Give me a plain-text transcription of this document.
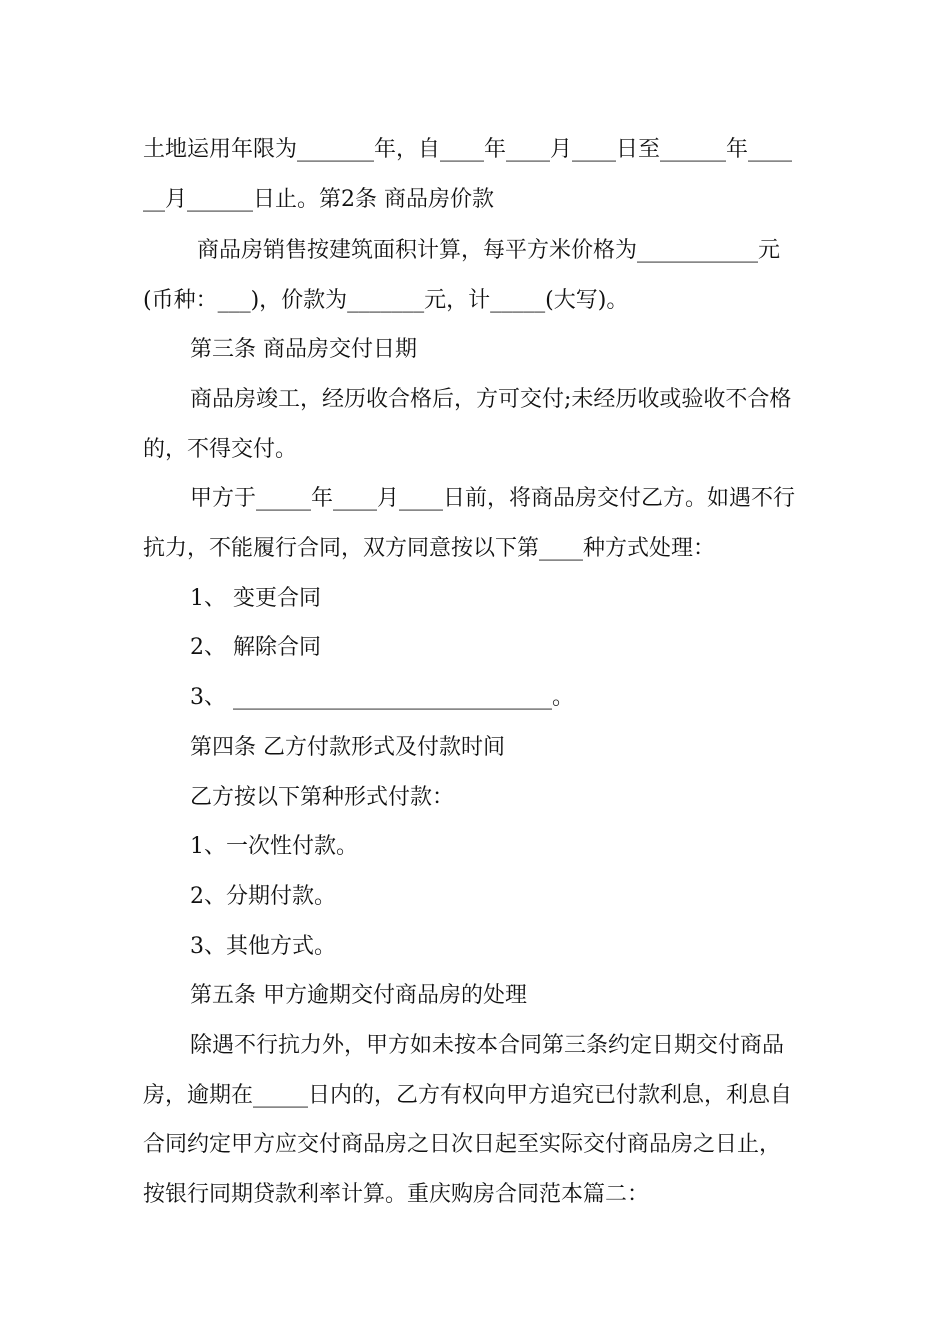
土地运用年限为_______年，自____年____月____日至______年____
__月______日止。第2条 商品房价款
商品房销售按建筑面积计算，每平方米价格为___________元
(币种：___)，价款为_______元，计_____(大写)。
第三条 商品房交付日期
商品房竣工，经历收合格后，方可交付;未经历收或验收不合格
的，不得交付。
甲方于_____年____月____日前，将商品房交付乙方。如遇不行
抗力，不能履行合同，双方同意按以下第____种方式处理：
1、 变更合同
2、 解除合同
3、 _____________________________。
第四条 乙方付款形式及付款时间
乙方按以下第种形式付款：
1、一次性付款。
2、分期付款。
3、其他方式。
第五条 甲方逾期交付商品房的处理
除遇不行抗力外，甲方如未按本合同第三条约定日期交付商品
房，逾期在_____日内的，乙方有权向甲方追究已付款利息，利息自
合同约定甲方应交付商品房之日次日起至实际交付商品房之日止，
按银行同期贷款利率计算。重庆购房合同范本篇二：
